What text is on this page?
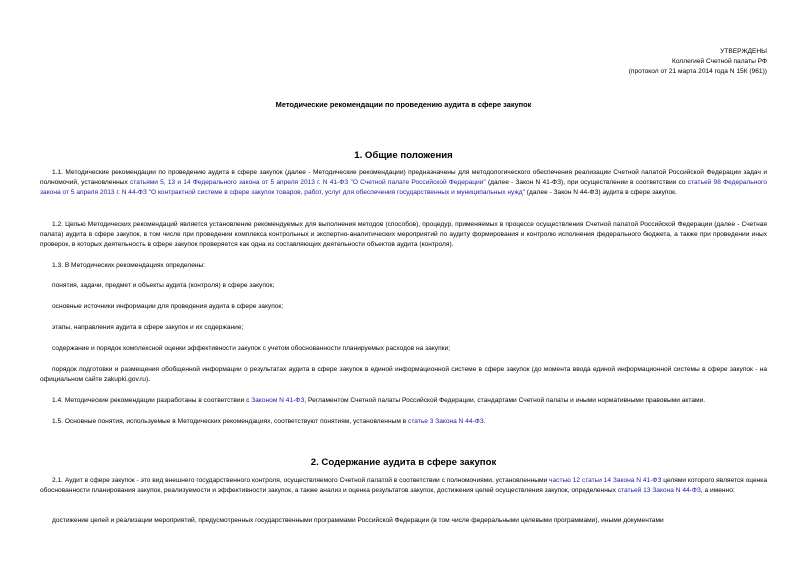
УТВЕРЖДЕНЫ
Коллегией Счетной палаты РФ
(протокол от 21 марта 2014 года N 15К (961))
Методические рекомендации по проведению аудита в сфере закупок
1. Общие положения
1.1. Методические рекомендации по проведению аудита в сфере закупок (далее - Методические рекомендации) предназначены для методологического обеспечения реализации Счетной палатой Российской Федерации задач и полномочий, установленных статьями 5, 13 и 14 Федерального закона от 5 апреля 2013 г. N 41-ФЗ "О Счетной палате Российской Федерации" (далее - Закон N 41-ФЗ), при осуществлении в соответствии со статьей 98 Федерального закона от 5 апреля 2013 г. N 44-ФЗ "О контрактной системе в сфере закупок товаров, работ, услуг для обеспечения государственных и муниципальных нужд" (далее - Закон N 44-ФЗ) аудита в сфере закупок.
1.2. Целью Методических рекомендаций является установление рекомендуемых для выполнения методов (способов), процедур, применяемых в процессе осуществления Счетной палатой Российской Федерации (далее - Счетная палата) аудита в сфере закупок, в том числе при проведении комплекса контрольных и экспертно-аналитических мероприятий по аудиту формирования и контролю исполнения федерального бюджета, а также при проведении иных проверок, в которых деятельность в сфере закупок проверяется как одна из составляющих деятельности объектов аудита (контроля).
1.3. В Методических рекомендациях определены:
понятия, задачи, предмет и объекты аудита (контроля) в сфере закупок;
основные источники информации для проведения аудита в сфере закупок;
этапы, направления аудита в сфере закупок и их содержание;
содержание и порядок комплексной оценки эффективности закупок с учетом обоснованности планируемых расходов на закупки;
порядок подготовки и размещения обобщенной информации о результатах аудита в сфере закупок в единой информационной системе в сфере закупок (до момента ввода единой информационной системы в сфере закупок - на официальном сайте zakupki.gov.ru).
1.4. Методические рекомендации разработаны в соответствии с Законом N 41-ФЗ, Регламентом Счетной палаты Российской Федерации, стандартами Счетной палаты и иными нормативными правовыми актами.
1.5. Основные понятия, используемые в Методических рекомендациях, соответствуют понятиям, установленным в статье 3 Закона N 44-ФЗ.
2. Содержание аудита в сфере закупок
2.1. Аудит в сфере закупок - это вид внешнего государственного контроля, осуществляемого Счетной палатой в соответствии с полномочиями, установленными частью 12 статьи 14 Закона N 41-ФЗ целями которого является оценка обоснованности планирования закупок, реализуемости и эффективности закупок, а также анализ и оценка результатов закупок, достижения целей осуществления закупок, определенных статьей 13 Закона N 44-ФЗ, а именно:
достижение целей и реализации мероприятий, предусмотренных государственными программами Российской Федерации (в том числе федеральными целевыми программами), иными документами
